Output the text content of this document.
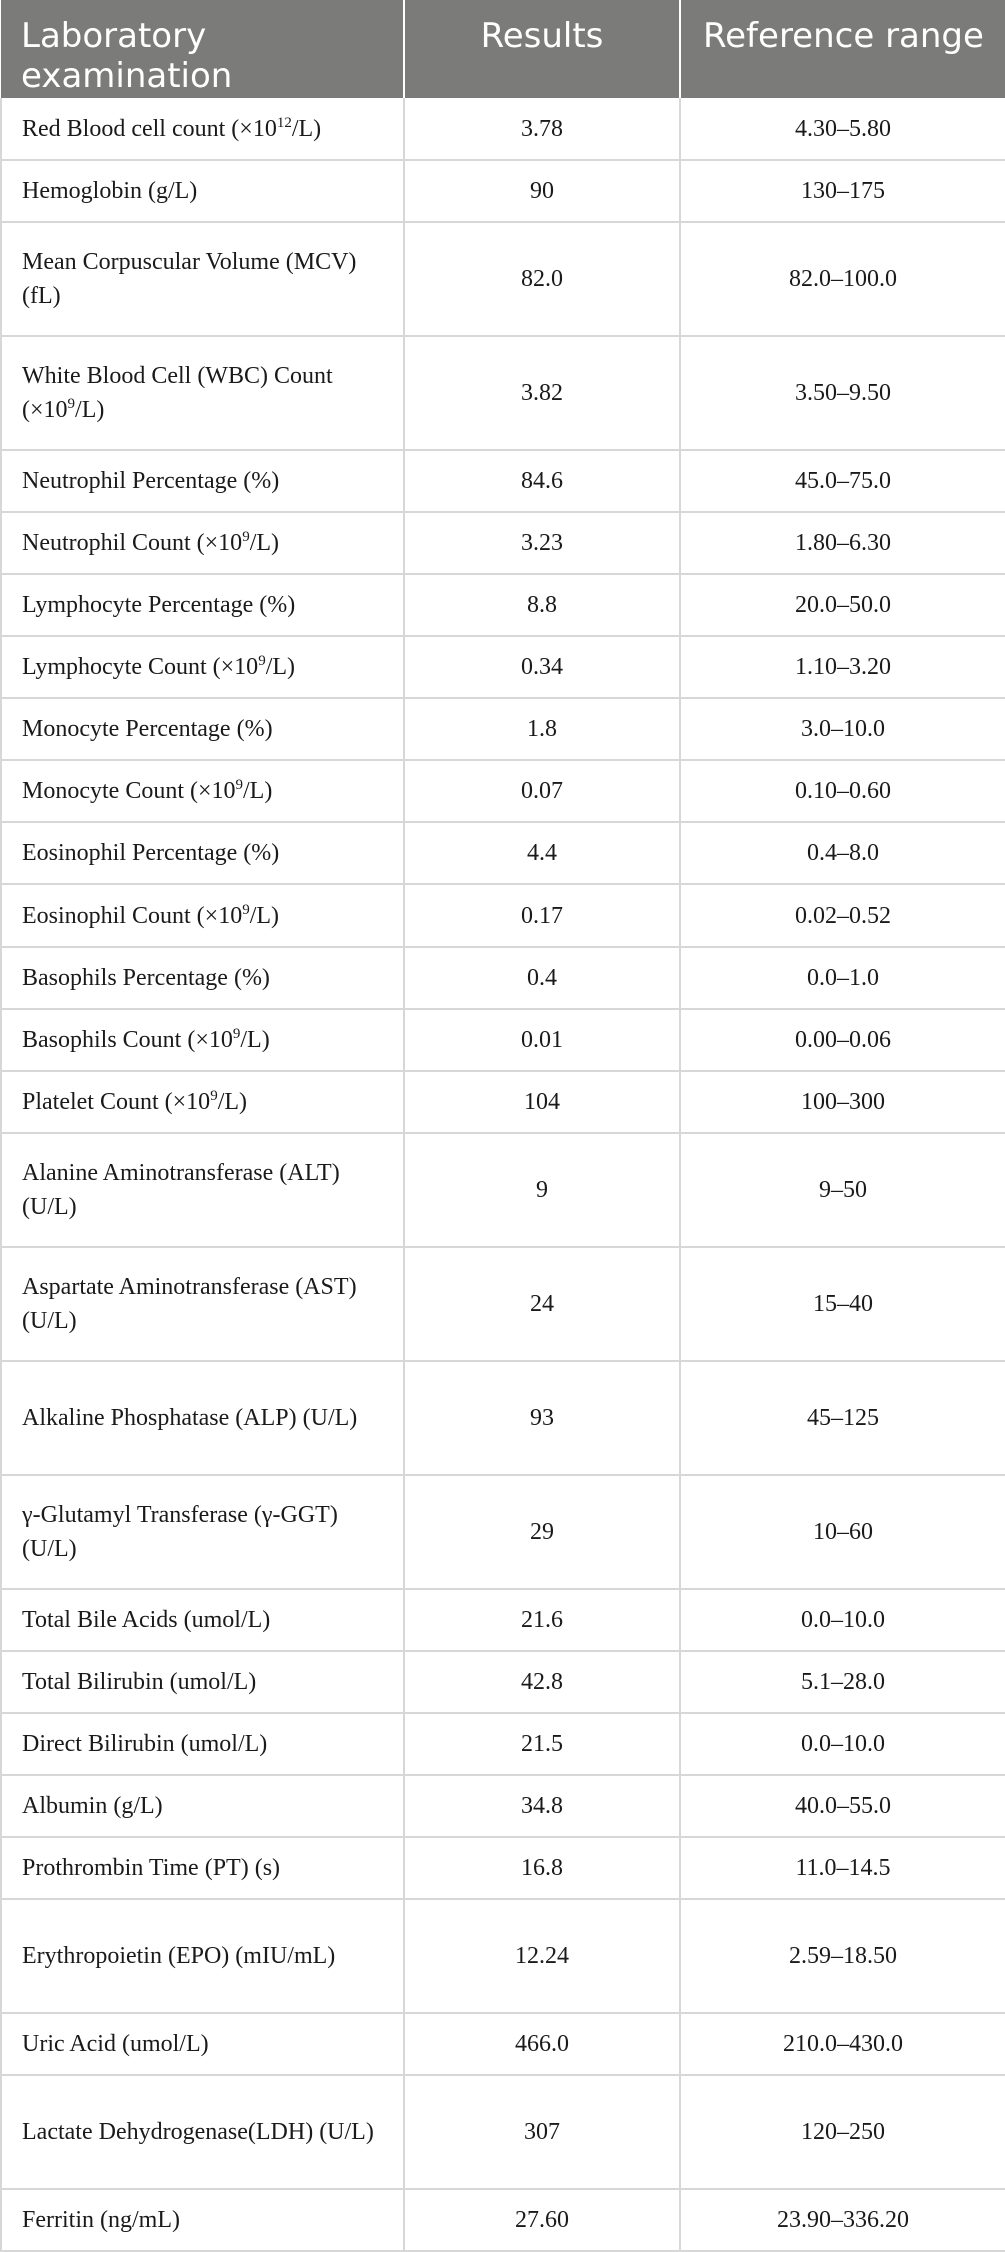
Laboratory examination	Results	Reference range
Red Blood cell count $(\times 10^{12}/L)$	3.78	4.30–5.80
Hemoglobin (g/L)	90	130–175
Mean Corpuscular Volume (MCV) (fL)	82.0	82.0–100.0
White Blood Cell (WBC) Count $(\times 10^9/L)$	3.82	3.50–9.50
Neutrophil Percentage (%)	84.6	45.0–75.0
Neutrophil Count $(\times 10^9/L)$	3.23	1.80–6.30
Lymphocyte Percentage (%)	8.8	20.0–50.0
Lymphocyte Count $(\times 10^9/L)$	0.34	1.10–3.20
Monocyte Percentage (%)	1.8	3.0–10.0
Monocyte Count $(\times 10^9/L)$	0.07	0.10–0.60
Eosinophil Percentage (%)	4.4	0.4–8.0
Eosinophil Count $(\times 10^9/L)$	0.17	0.02–0.52
Basophils Percentage (%)	0.4	0.0–1.0
Basophils Count $(\times 10^9/L)$	0.01	0.00–0.06
Platelet Count $(\times 10^9/L)$	104	100–300
Alanine Aminotransferase (ALT) (U/L)	9	9–50
Aspartate Aminotransferase (AST) (U/L)	24	15–40
Alkaline Phosphatase (ALP) (U/L)	93	45–125
γ-Glutamyl Transferase (γ-GGT) (U/L)	29	10–60
Total Bile Acids (umol/L)	21.6	0.0–10.0
Total Bilirubin (umol/L)	42.8	5.1–28.0
Direct Bilirubin (umol/L)	21.5	0.0–10.0
Albumin (g/L)	34.8	40.0–55.0
Prothrombin Time (PT) (s)	16.8	11.0–14.5
Erythropoietin (EPO) (mIU/mL)	12.24	2.59–18.50
Uric Acid (umol/L)	466.0	210.0–430.0
Lactate Dehydrogenase(LDH) (U/L)	307	120–250
Ferritin (ng/mL)	27.60	23.90–336.20
